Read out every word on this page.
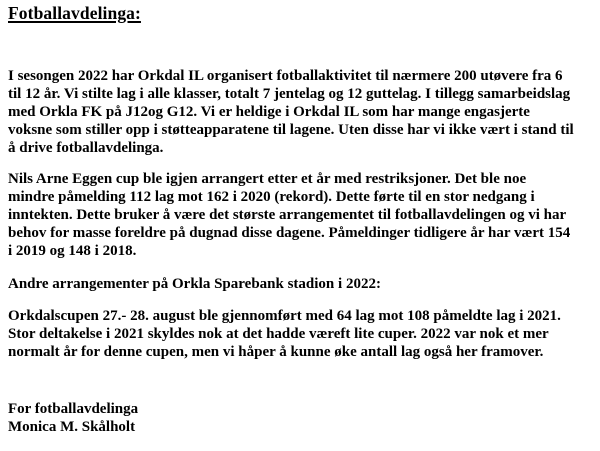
Fotballavdelinga:

I sesongen 2022 har Orkdal IL organisert fotballaktivitet til nærmere 200 utøvere fra 6
til 12 år. Vi stilte lag i alle klasser, totalt 7 jentelag og 12 guttelag. I tillegg samarbeidslag
med Orkla FK på J12og G12. Vi er heldige i Orkdal IL som har mange engasjerte
voksne som stiller opp i støtteapparatene til lagene. Uten disse har vi ikke vært i stand til
å drive fotballavdelinga.

Nils Arne Eggen cup ble igjen arrangert etter et år med restriksjoner. Det ble noe
mindre påmelding 112 lag mot 162 i 2020 (rekord). Dette førte til en stor nedgang i
inntekten. Dette bruker å være det største arrangementet til fotballavdelingen og vi har
behov for masse foreldre på dugnad disse dagene. Påmeldinger tidligere år har vært 154
i 2019 og 148 i 2018.

Andre arrangementer på Orkla Sparebank stadion i 2022:

Orkdalscupen 27.- 28. august ble gjennomført med 64 lag mot 108 påmeldte lag i 2021.
Stor deltakelse i 2021 skyldes nok at det hadde væreft lite cuper. 2022 var nok et mer
normalt år for denne cupen, men vi håper å kunne øke antall lag også her framover.

For fotballavdelinga
Monica M. Skålholt
